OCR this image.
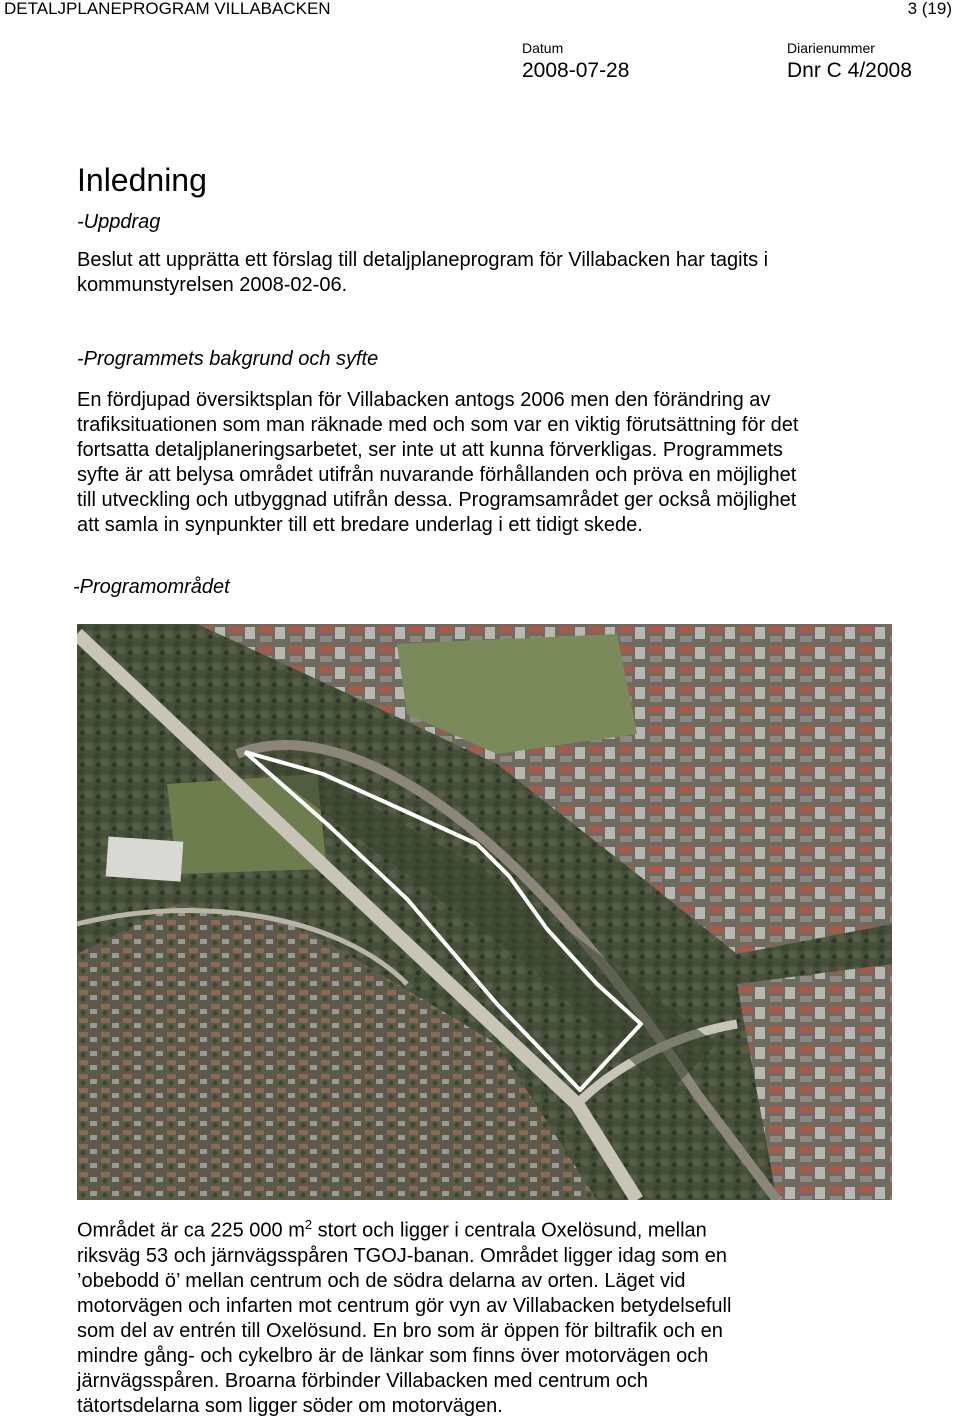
DETALJPLANEPROGRAM VILLABACKEN	3 (19)
Datum
2008-07-28
Diarienummer
Dnr C 4/2008
Inledning
-Uppdrag
Beslut att upprätta ett förslag till detaljplaneprogram för Villabacken har tagits i
kommunstyrelsen 2008-02-06.
-Programmets bakgrund och syfte
En fördjupad översiktsplan för Villabacken antogs 2006 men den förändring av
trafiksituationen som man räknade med och som var en viktig förutsättning för det
fortsatta detaljplaneringsarbetet, ser inte ut att kunna förverkligas. Programmets
syfte är att belysa området utifrån nuvarande förhållanden och pröva en möjlighet
till utveckling och utbyggnad utifrån dessa. Programsamrådet ger också möjlighet
att samla in synpunkter till ett bredare underlag i ett tidigt skede.
-Programområdet
Området är ca 225 000 $m^2$ stort och ligger i centrala Oxelösund, mellan
riksväg 53 och järnvägsspåren TGOJ-banan. Området ligger idag som en
’obebodd ö’ mellan centrum och de södra delarna av orten. Läget vid
motorvägen och infarten mot centrum gör vyn av Villabacken betydelsefull
som del av entrén till Oxelösund. En bro som är öppen för biltrafik och en
mindre gång- och cykelbro är de länkar som finns över motorvägen och
järnvägsspåren. Broarna förbinder Villabacken med centrum och
tätortsdelarna som ligger söder om motorvägen.
